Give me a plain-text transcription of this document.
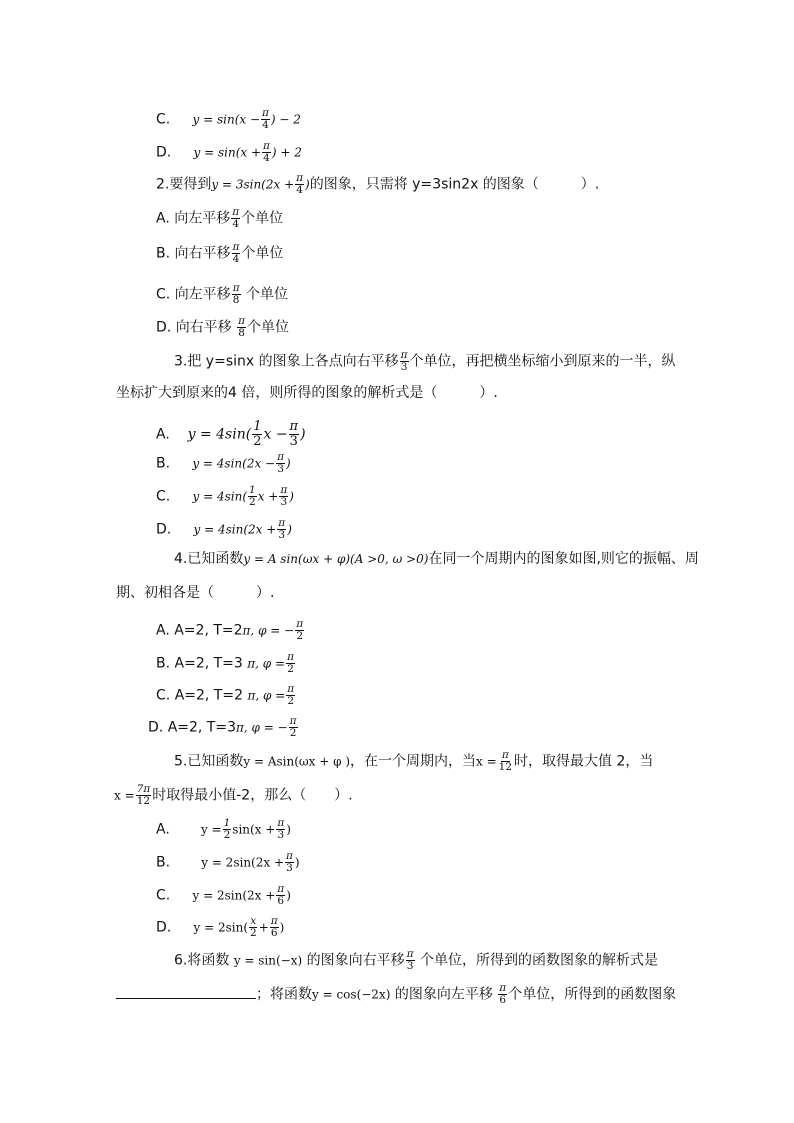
C. $y = \sin(x - \frac{\pi}{4}$ ) − 2
D. $y = \sin(x + \frac{\pi}{4}$ ) + 2
2.要得到$y = 3\sin(2x + \frac{\pi}{4}$ )的图象，只需将 y=3sin2x 的图象（　　　）.
A. 向左平移 $\frac{\pi}{4}$ 个单位
B. 向右平移 $\frac{\pi}{4}$ 个单位
C. 向左平移 $\frac{\pi}{8}$ 个单位
D. 向右平移 $\frac{\pi}{8}$ 个单位
3.把 y=sinx 的图象上各点向右平移 $\frac{\pi}{3}$ 个单位，再把横坐标缩小到原来的一半，纵
坐标扩大到原来的4 倍，则所得的图象的解析式是（　　　）.
A. $y = 4\sin( \frac{1}{2}$ $x - \frac{\pi}{3}$ )
B. $y = 4\sin(2x - \frac{\pi}{3}$ )
C. $y = 4\sin( \frac{1}{2}$ $x + \frac{\pi}{3}$ )
D. $y = 4\sin(2x + \frac{\pi}{3}$ )
4.已知函数y = A sin(ωx + φ)(A >0, ω >0)在同一个周期内的图象如图,则它的振幅、周
期、初相各是（　　　）.
A. A=2, T=2π, φ = − $\frac{\pi}{2}$
B. A=2, T=3 π, $\varphi = \frac{\pi}{2}$
C. A=2, T=2 π, $\varphi = \frac{\pi}{2}$
D. A=2, T=3π, φ = − $\frac{\pi}{2}$
5.已知函数y = Asin(ωx + φ )，在一个周期内，当$x = \frac{\pi}{12}$ 时，取得最大值 2，当
$x = \frac{7\pi}{12}$ 时取得最小值-2，那么（　　）.
A.	$y = \frac{1}{2} \sin(x + \frac{\pi}{3}$ )
B.	$y = 2\sin(2x + \frac{\pi}{3}$ )
C. $y = 2\sin(2x + \frac{\pi}{6}$ )
D. $y = 2\sin( \frac{x}{2} + \frac{\pi}{6}$ )
6.将函数 y = sin(−x) 的图象向右平移 $\frac{\pi}{3}$ 个单位，所得到的函数图象的解析式是
；将函数y = cos(−2x) 的图象向左平移 $\frac{\pi}{6}$ 个单位，所得到的函数图象
